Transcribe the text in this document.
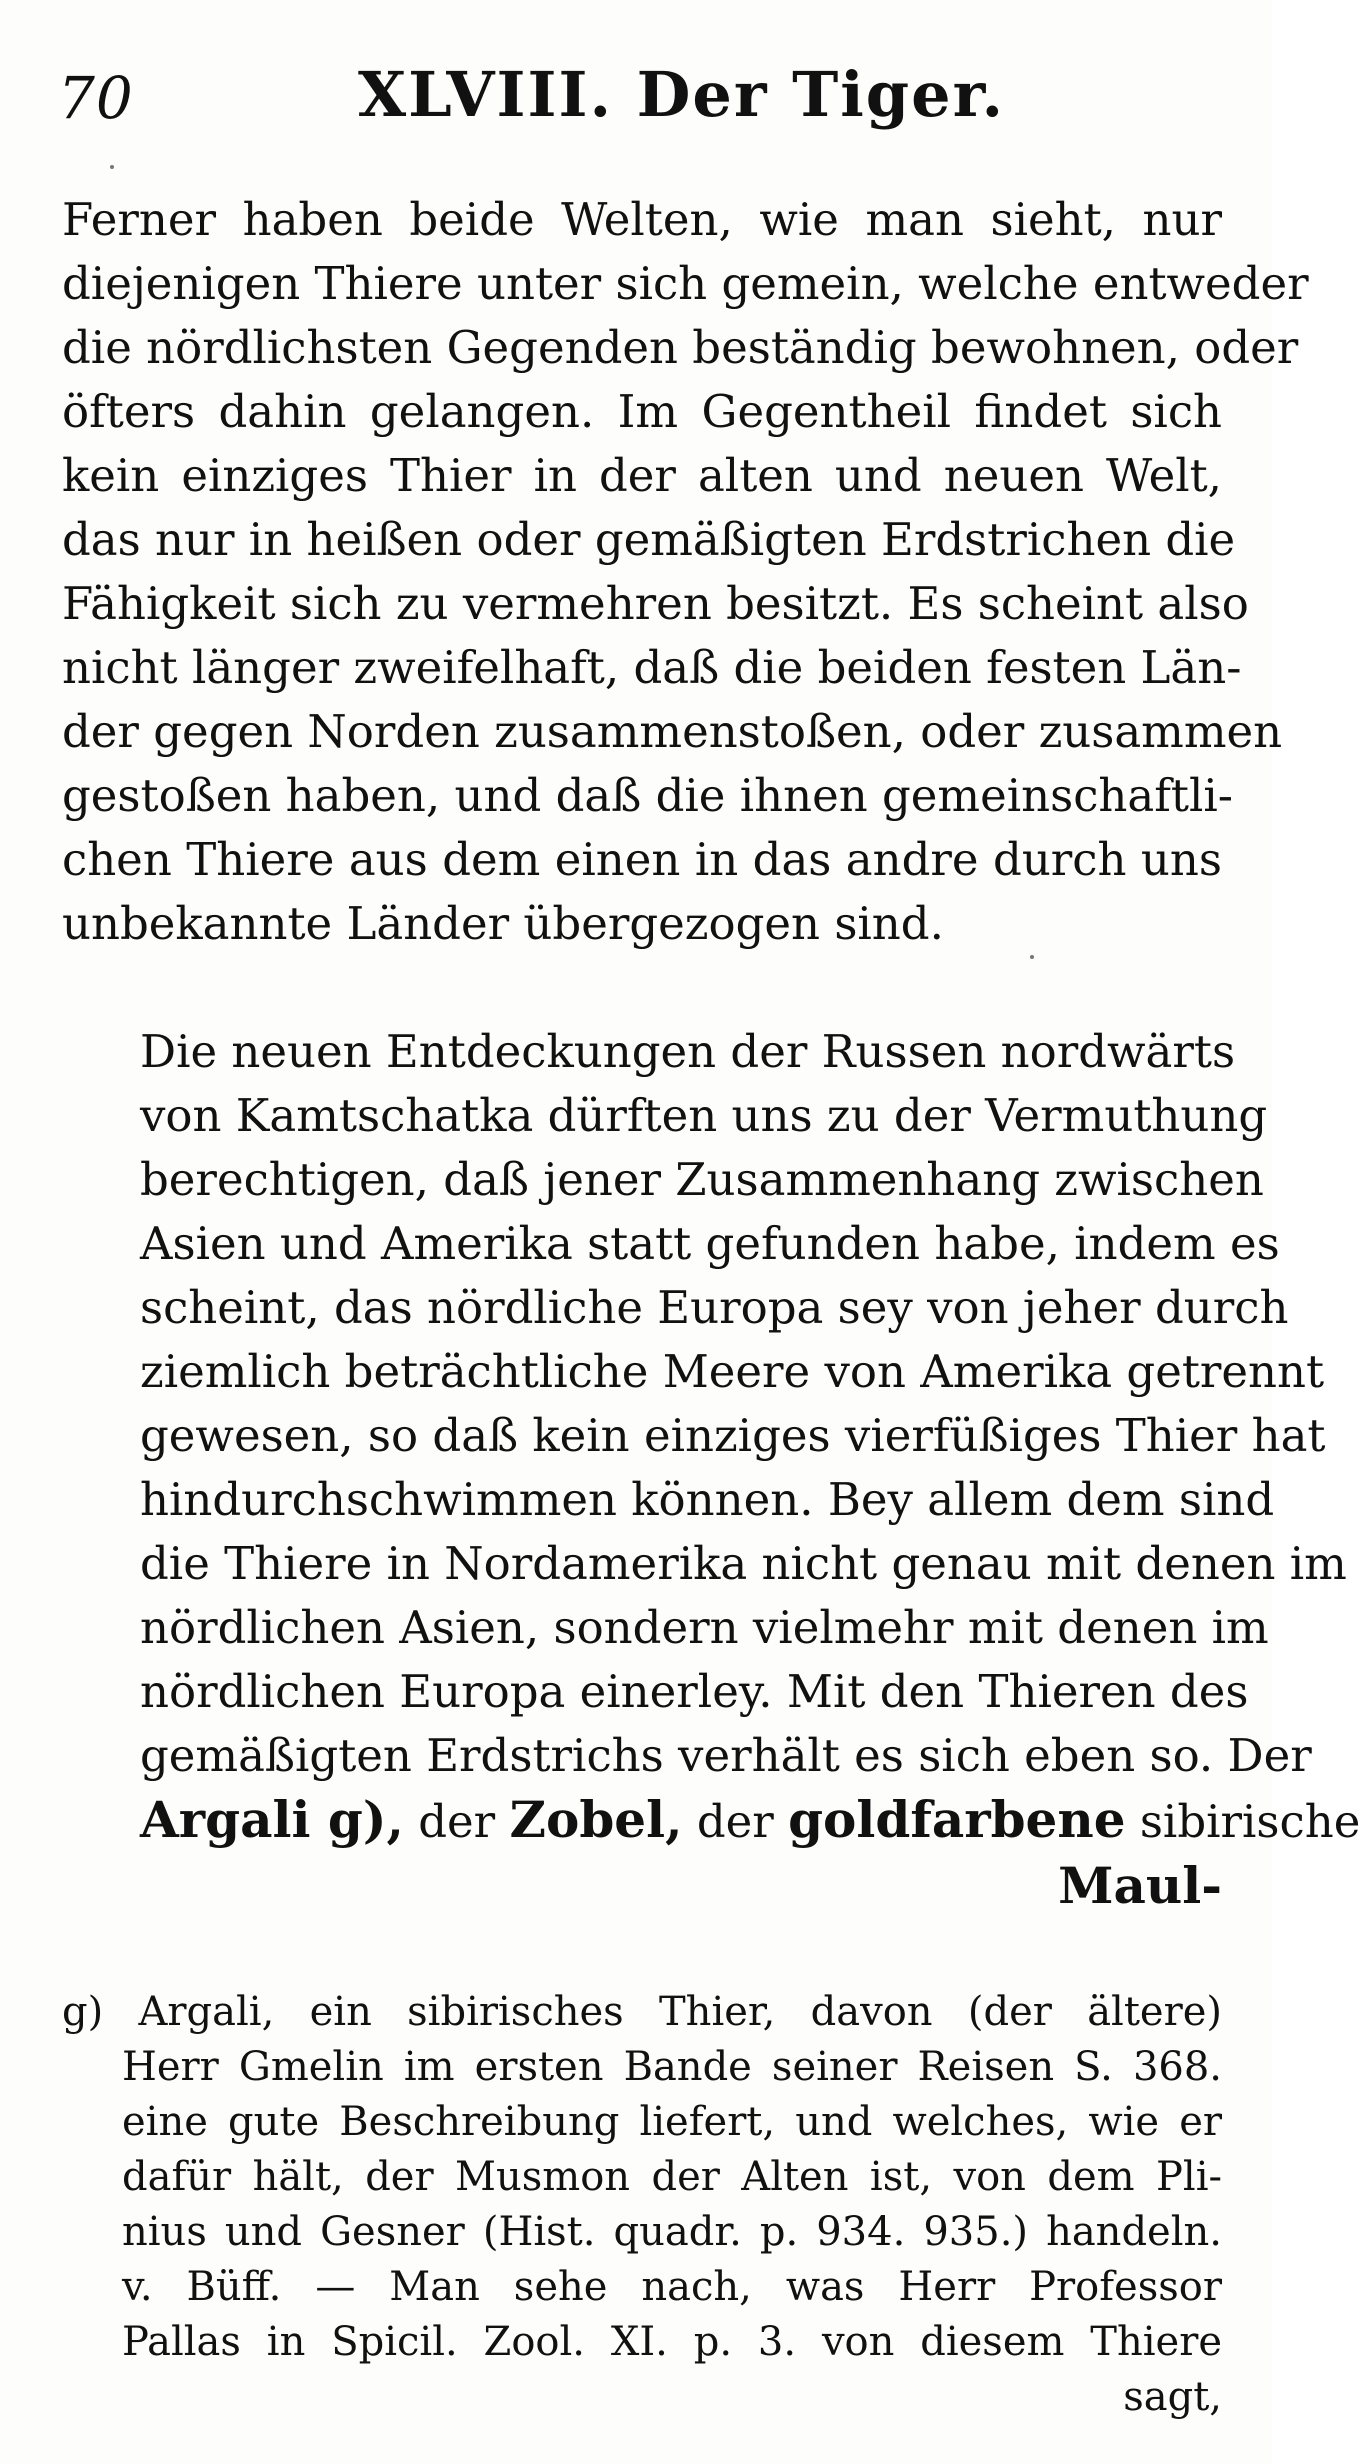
70	XLVIII. Der Tiger.
Ferner haben beide Welten, wie man sieht, nur
diejenigen Thiere unter sich gemein, welche entweder
die nördlichsten Gegenden beständig bewohnen, oder
öfters dahin gelangen. Im Gegentheil findet sich
kein einziges Thier in der alten und neuen Welt,
das nur in heißen oder gemäßigten Erdstrichen die
Fähigkeit sich zu vermehren besitzt. Es scheint also
nicht länger zweifelhaft, daß die beiden festen Län-
der gegen Norden zusammenstoßen, oder zusammen
gestoßen haben, und daß die ihnen gemeinschaftli-
chen Thiere aus dem einen in das andre durch uns
unbekannte Länder übergezogen sind.
Die neuen Entdeckungen der Russen nordwärts
von Kamtschatka dürften uns zu der Vermuthung
berechtigen, daß jener Zusammenhang zwischen
Asien und Amerika statt gefunden habe, indem es
scheint, das nördliche Europa sey von jeher durch
ziemlich beträchtliche Meere von Amerika getrennt
gewesen, so daß kein einziges vierfüßiges Thier hat
hindurchschwimmen können. Bey allem dem sind
die Thiere in Nordamerika nicht genau mit denen im
nördlichen Asien, sondern vielmehr mit denen im
nördlichen Europa einerley. Mit den Thieren des
gemäßigten Erdstrichs verhält es sich eben so. Der
Argali g), der Zobel, der goldfarbene sibirische
Maul-
g) Argali, ein sibirisches Thier, davon (der ältere)
Herr Gmelin im ersten Bande seiner Reisen S. 368.
eine gute Beschreibung liefert, und welches, wie er
dafür hält, der Musmon der Alten ist, von dem Pli-
nius und Gesner (Hist. quadr. p. 934. 935.) handeln.
v. Büff. — Man sehe nach, was Herr Professor
Pallas in Spicil. Zool. XI. p. 3. von diesem Thiere
sagt,
